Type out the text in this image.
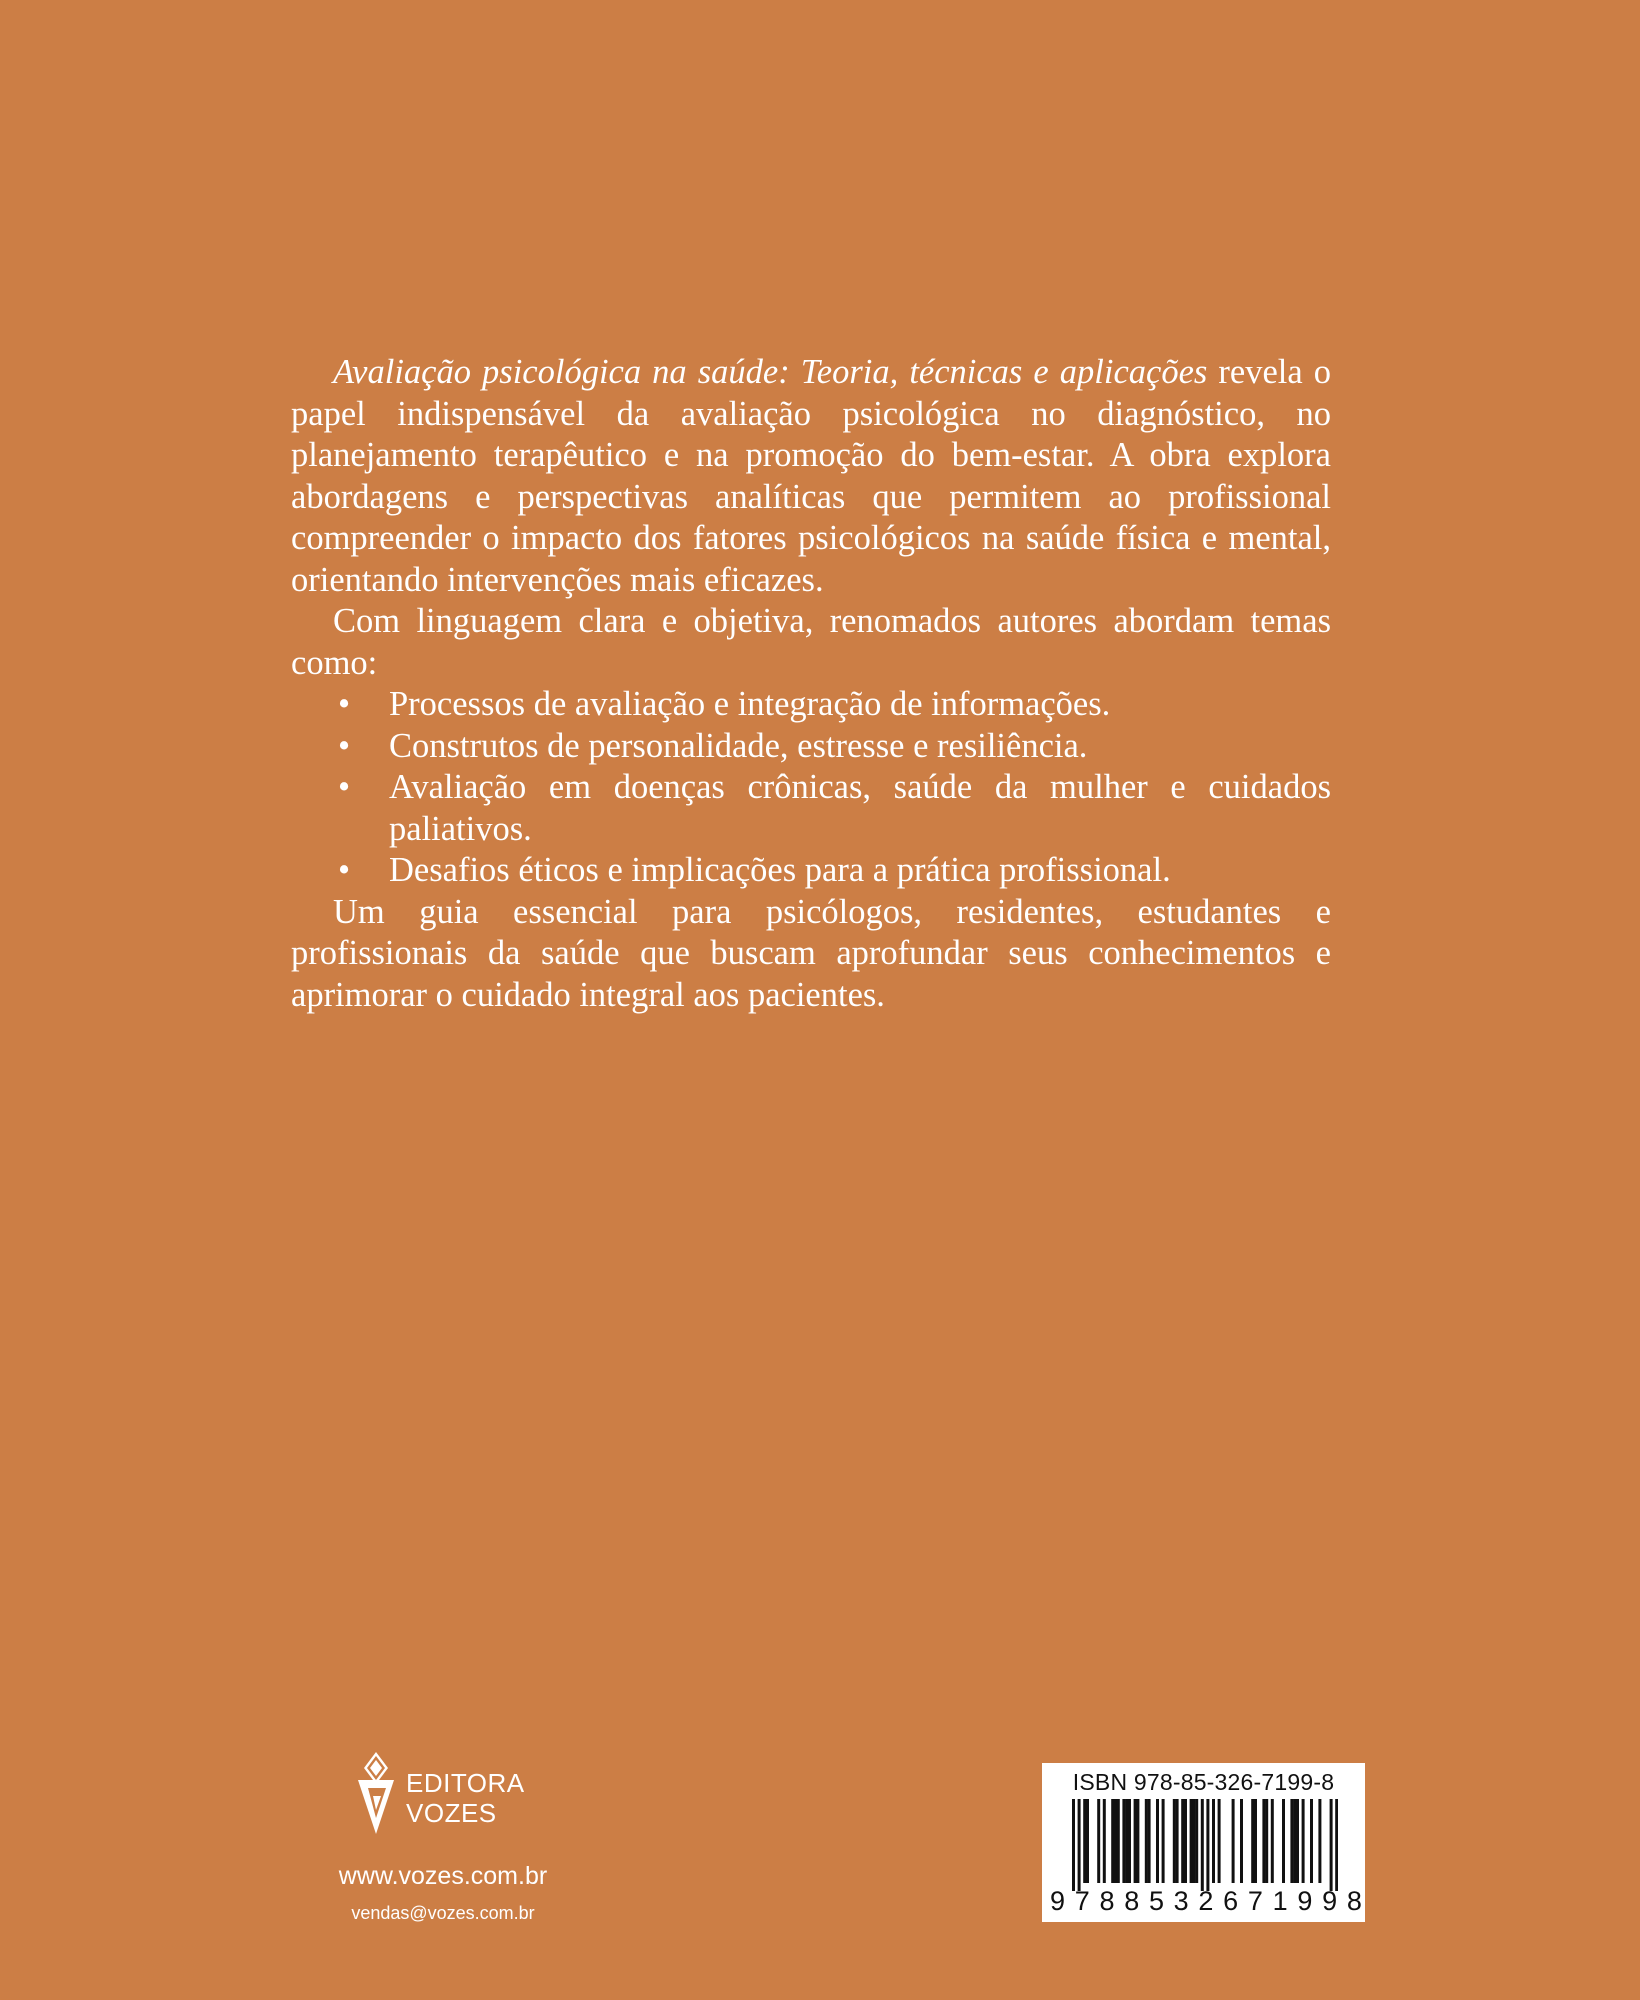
Avaliação psicológica na saúde: Teoria, técnicas e aplicações revela o papel indispensável da avaliação psicológica no diagnóstico, no planejamento terapêutico e na promoção do bem-estar. A obra explora abordagens e perspectivas analíticas que permitem ao profissional compreender o impacto dos fatores psicológicos na saúde física e mental, orientando intervenções mais eficazes.

Com linguagem clara e objetiva, renomados autores abordam temas como:

• Processos de avaliação e integração de informações.
• Construtos de personalidade, estresse e resiliência.
• Avaliação em doenças crônicas, saúde da mulher e cuidados paliativos.
• Desafios éticos e implicações para a prática profissional.

Um guia essencial para psicólogos, residentes, estudantes e profissionais da saúde que buscam aprofundar seus conhecimentos e aprimorar o cuidado integral aos pacientes.

EDITORA
VOZES
www.vozes.com.br
vendas@vozes.com.br
ISBN 978-85-326-7199-8
9 7 8 8 5 3 2 6 7 1 9 9 8
